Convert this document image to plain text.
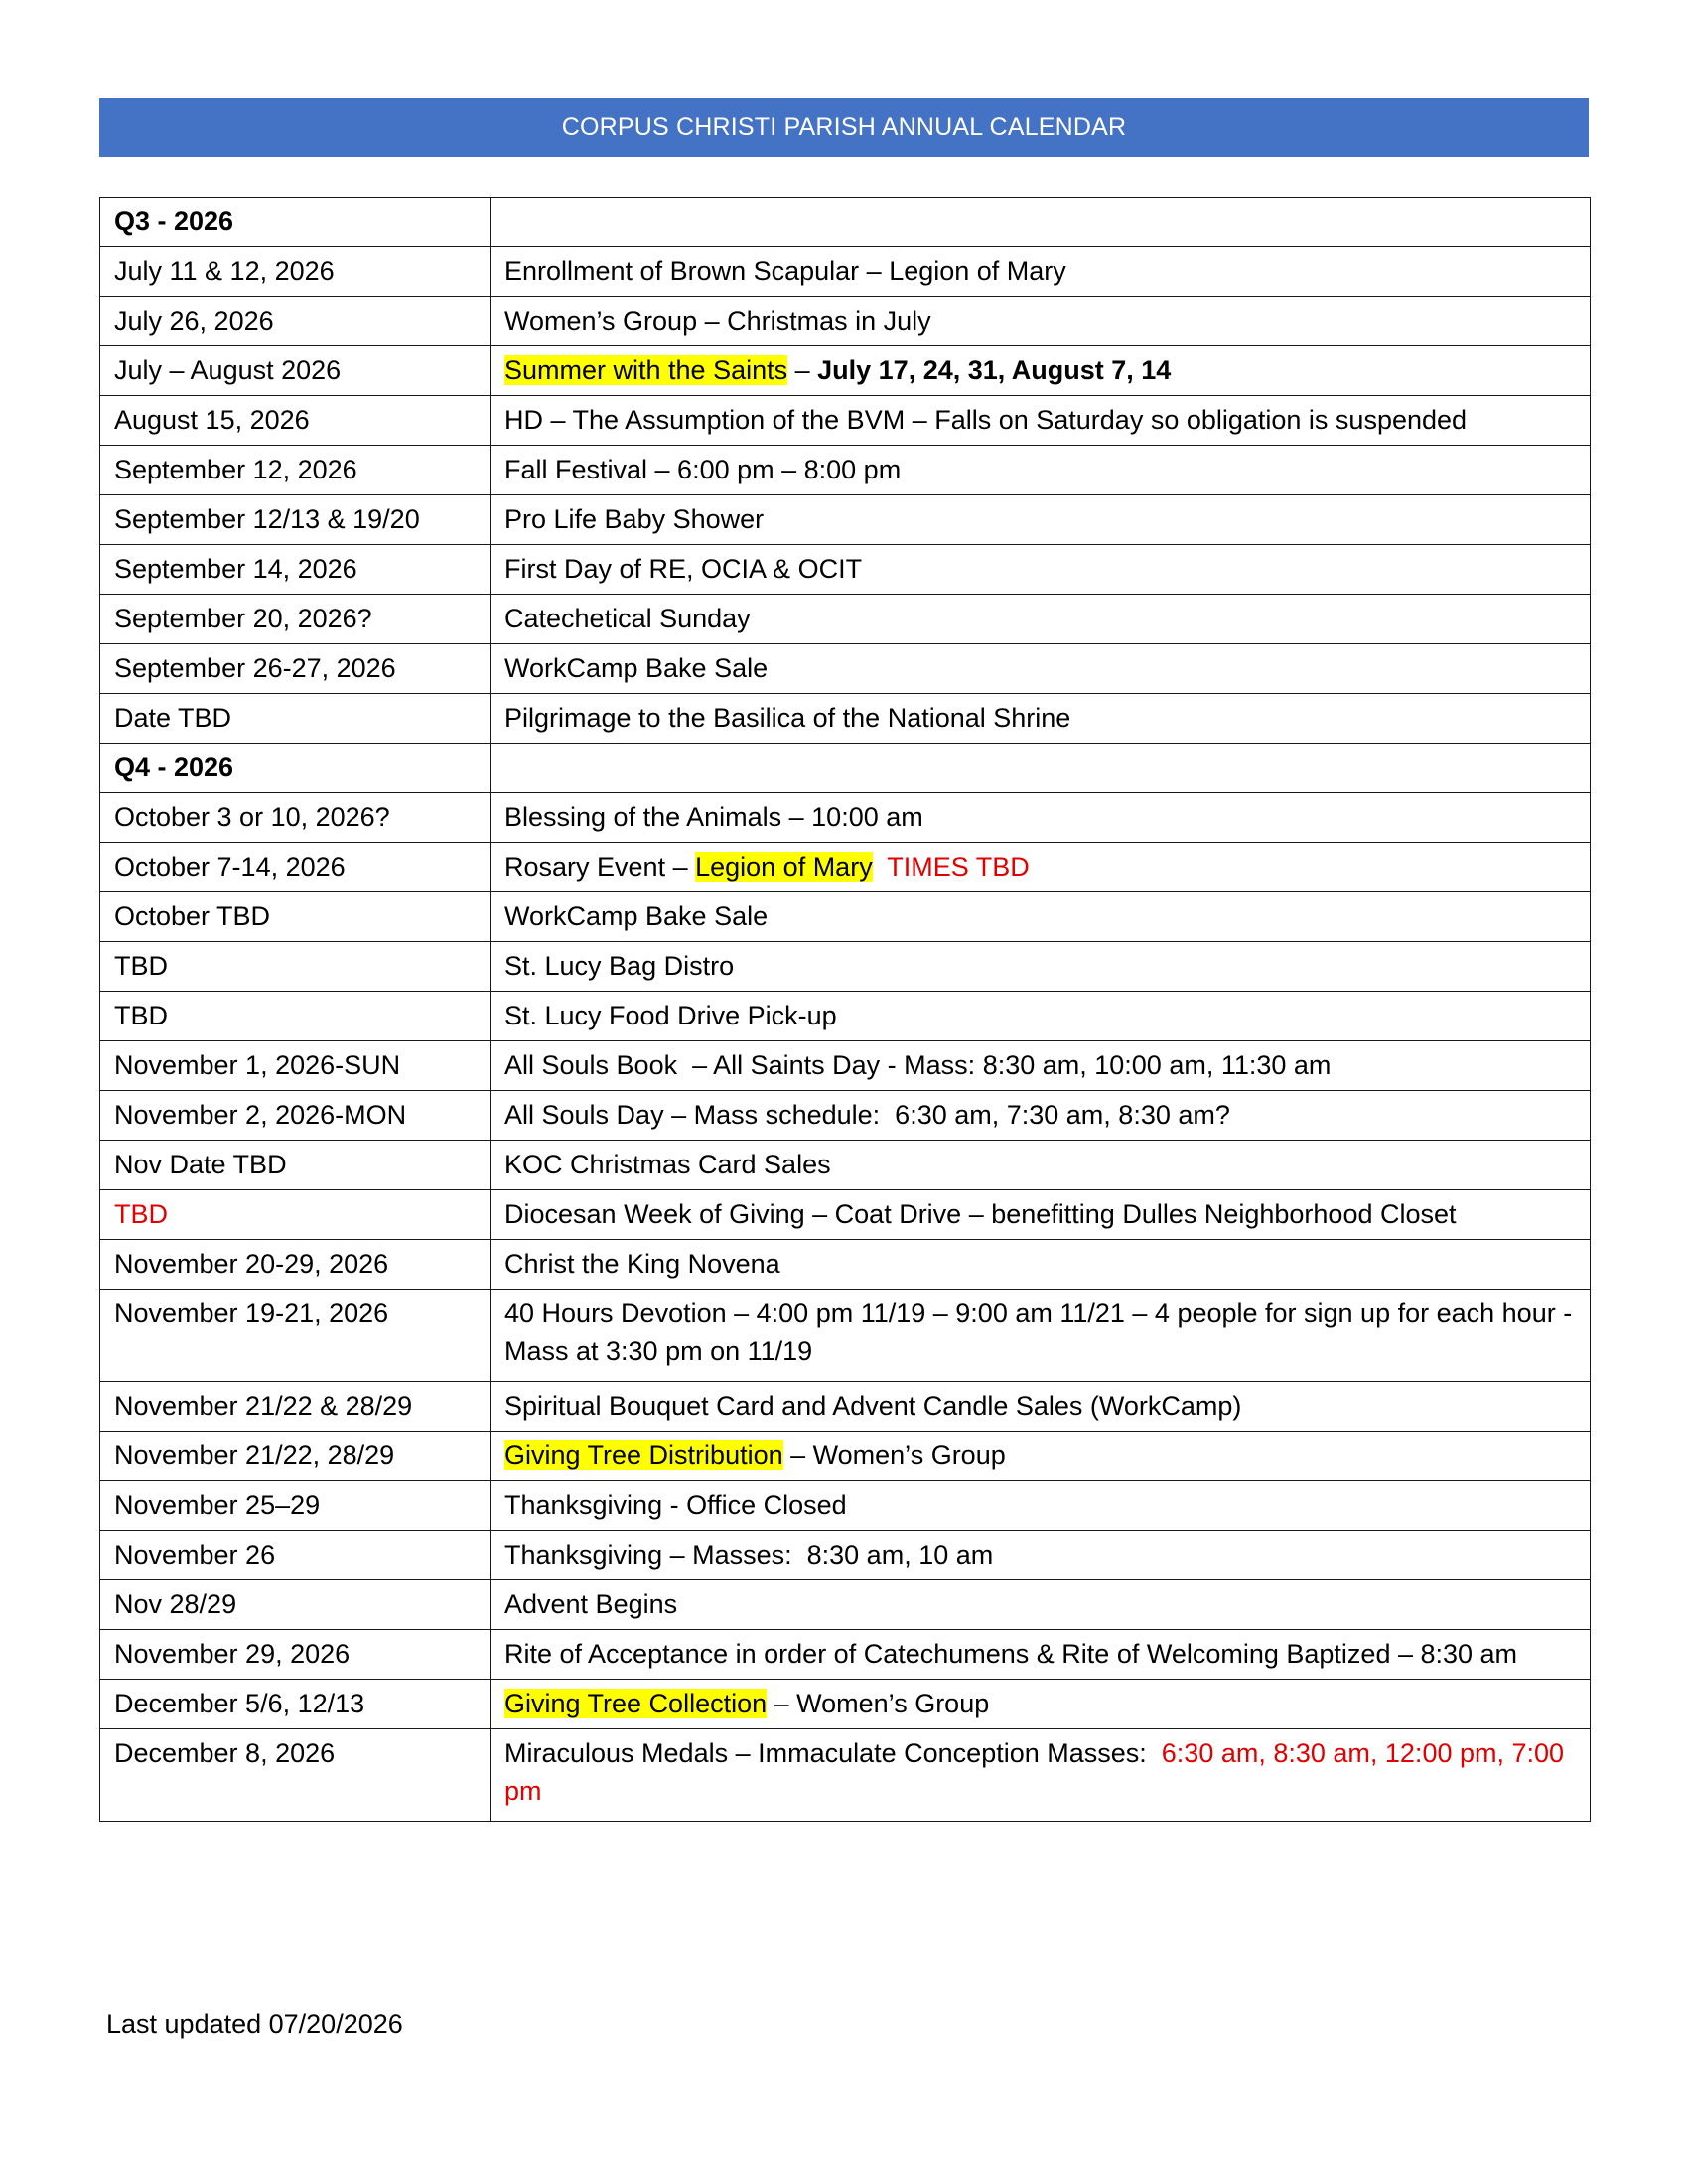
CORPUS CHRISTI PARISH ANNUAL CALENDAR
Q3 - 2026	
July 11 & 12, 2026	Enrollment of Brown Scapular – Legion of Mary
July 26, 2026	Women’s Group – Christmas in July
July – August 2026	Summer with the Saints – July 17, 24, 31, August 7, 14
August 15, 2026	HD – The Assumption of the BVM – Falls on Saturday so obligation is suspended
September 12, 2026	Fall Festival – 6:00 pm – 8:00 pm
September 12/13 & 19/20	Pro Life Baby Shower
September 14, 2026	First Day of RE, OCIA & OCIT
September 20, 2026?	Catechetical Sunday
September 26-27, 2026	WorkCamp Bake Sale
Date TBD	Pilgrimage to the Basilica of the National Shrine
Q4 - 2026	
October 3 or 10, 2026?	Blessing of the Animals – 10:00 am
October 7-14, 2026	Rosary Event – Legion of Mary TIMES TBD
October TBD	WorkCamp Bake Sale
TBD	St. Lucy Bag Distro
TBD	St. Lucy Food Drive Pick-up
November 1, 2026-SUN	All Souls Book  – All Saints Day - Mass: 8:30 am, 10:00 am, 11:30 am
November 2, 2026-MON	All Souls Day – Mass schedule:  6:30 am, 7:30 am, 8:30 am?
Nov Date TBD	KOC Christmas Card Sales
TBD	Diocesan Week of Giving – Coat Drive – benefitting Dulles Neighborhood Closet
November 20-29, 2026	Christ the King Novena
November 19-21, 2026	40 Hours Devotion – 4:00 pm 11/19 – 9:00 am 11/21 – 4 people for sign up for each hour -   Mass at 3:30 pm on 11/19
November 21/22 & 28/29	Spiritual Bouquet Card and Advent Candle Sales (WorkCamp)
November 21/22, 28/29	Giving Tree Distribution – Women’s Group
November 25–29	Thanksgiving - Office Closed
November 26	Thanksgiving – Masses:  8:30 am, 10 am
Nov 28/29	Advent Begins
November 29, 2026	Rite of Acceptance in order of Catechumens & Rite of Welcoming Baptized – 8:30 am
December 5/6, 12/13	Giving Tree Collection – Women’s Group
December 8, 2026	Miraculous Medals – Immaculate Conception Masses:  6:30 am, 8:30 am, 12:00 pm, 7:00 pm
Last updated 07/20/2026
